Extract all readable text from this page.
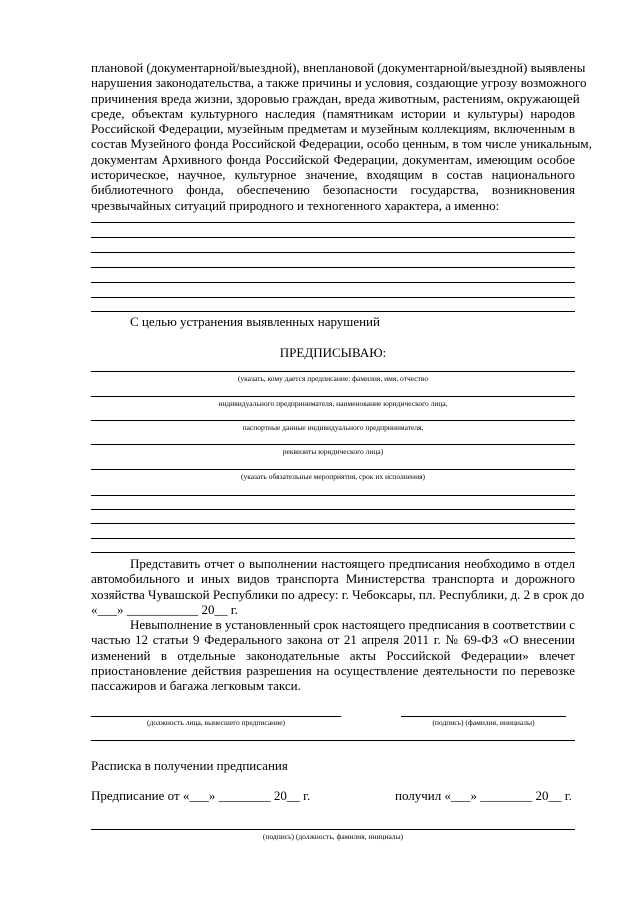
плановой (документарной/выездной), внеплановой (документарной/выездной) выявлены
нарушения законодательства, а также причины и условия, создающие угрозу возможного
причинения вреда жизни, здоровью граждан, вреда животным, растениям, окружающей
среде, объектам культурного наследия (памятникам истории и культуры) народов
Российской Федерации, музейным предметам и музейным коллекциям, включенным в
состав Музейного фонда Российской Федерации, особо ценным, в том числе уникальным,
документам Архивного фонда Российской Федерации, документам, имеющим особое
историческое, научное, культурное значение, входящим в состав национального
библиотечного фонда, обеспечению безопасности государства, возникновения
чрезвычайных ситуаций природного и техногенного характера, а именно:
С целью устранения выявленных нарушений
ПРЕДПИСЫВАЮ:
(указать, кому дается предписание: фамилия, имя, отчество
индивидуального предпринимателя, наименование юридического лица,
паспортные данные индивидуального предпринимателя,
реквизиты юридического лица)
(указать обязательные мероприятия, срок их исполнения)
Представить отчет о выполнении настоящего предписания необходимо в отдел
автомобильного и иных видов транспорта Министерства транспорта и дорожного
хозяйства Чувашской Республики по адресу: г. Чебоксары, пл. Республики, д. 2 в срок до
«___» ___________ 20__ г.
Невыполнение в установленный срок настоящего предписания в соответствии с
частью 12 статьи 9 Федерального закона от 21 апреля 2011 г. № 69-ФЗ «О внесении
изменений в отдельные законодательные акты Российской Федерации» влечет
приостановление действия разрешения на осуществление деятельности по перевозке
пассажиров и багажа легковым такси.
(должность лица, вынесшего предписание)	(подпись) (фамилия, инициалы)
Расписка в получении предписания
Предписание от «___» ________ 20__ г.	получил «___» ________ 20__ г.
(подпись) (должность, фамилия, инициалы)
